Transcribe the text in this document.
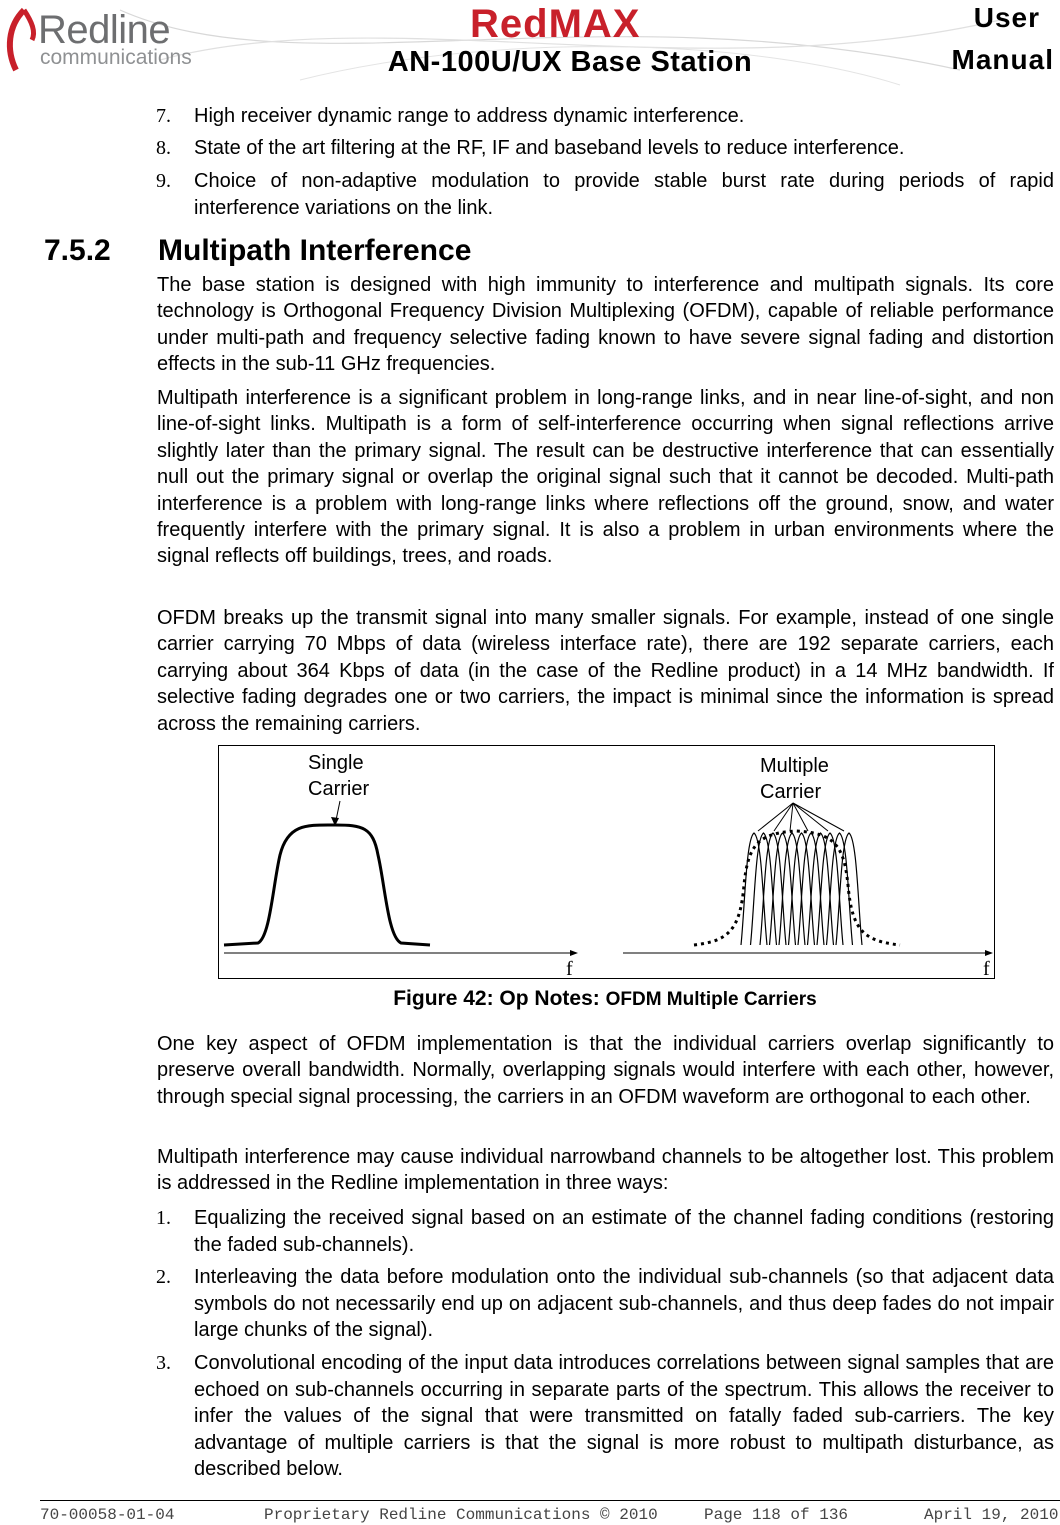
Redline
communications
RedMAX
AN-100U/UX Base Station
User
Manual
7. High receiver dynamic range to address dynamic interference.
8. State of the art filtering at the RF, IF and baseband levels to reduce interference.
9. Choice of non-adaptive modulation to provide stable burst rate during periods of rapid interference variations on the link.
7.5.2 Multipath Interference
The base station is designed with high immunity to interference and multipath signals. Its core technology is Orthogonal Frequency Division Multiplexing (OFDM), capable of reliable performance under multi-path and frequency selective fading known to have severe signal fading and distortion effects in the sub-11 GHz frequencies.
Multipath interference is a significant problem in long-range links, and in near line-of-sight, and non line-of-sight links. Multipath is a form of self-interference occurring when signal reflections arrive slightly later than the primary signal. The result can be destructive interference that can essentially null out the primary signal or overlap the original signal such that it cannot be decoded. Multi-path interference is a problem with long-range links where reflections off the ground, snow, and water frequently interfere with the primary signal. It is also a problem in urban environments where the signal reflects off buildings, trees, and roads.
OFDM breaks up the transmit signal into many smaller signals. For example, instead of one single carrier carrying 70 Mbps of data (wireless interface rate), there are 192 separate carriers, each carrying about 364 Kbps of data (in the case of the Redline product) in a 14 MHz bandwidth. If selective fading degrades one or two carriers, the impact is minimal since the information is spread across the remaining carriers.
Single
Carrier
f
Multiple
Carrier
f
Figure 42: Op Notes: OFDM Multiple Carriers
One key aspect of OFDM implementation is that the individual carriers overlap significantly to preserve overall bandwidth. Normally, overlapping signals would interfere with each other, however, through special signal processing, the carriers in an OFDM waveform are orthogonal to each other.
Multipath interference may cause individual narrowband channels to be altogether lost. This problem is addressed in the Redline implementation in three ways:
1. Equalizing the received signal based on an estimate of the channel fading conditions (restoring the faded sub-channels).
2. Interleaving the data before modulation onto the individual sub-channels (so that adjacent data symbols do not necessarily end up on adjacent sub-channels, and thus deep fades do not impair large chunks of the signal).
3. Convolutional encoding of the input data introduces correlations between signal samples that are echoed on sub-channels occurring in separate parts of the spectrum. This allows the receiver to infer the values of the signal that were transmitted on fatally faded sub-carriers. The key advantage of multiple carriers is that the signal is more robust to multipath disturbance, as described below.
70-00058-01-04	Proprietary Redline Communications © 2010	Page 118 of 136	April 19, 2010
